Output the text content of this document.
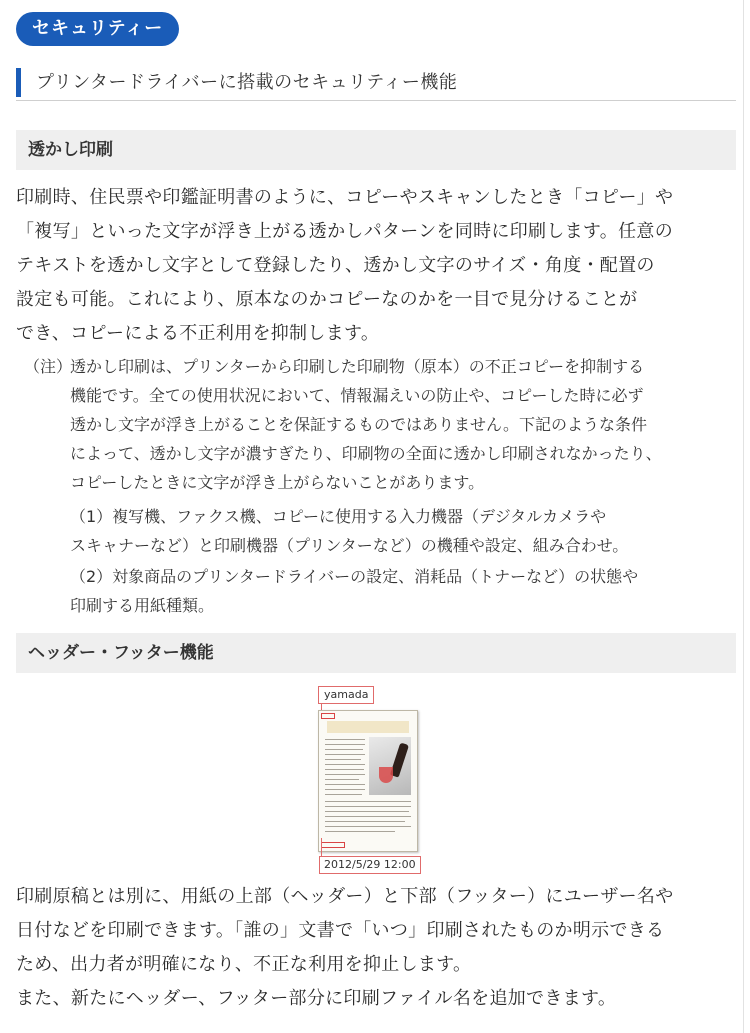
セキュリティー
プリンタードライバーに搭載のセキュリティー機能
透かし印刷
印刷時、住民票や印鑑証明書のように、コピーやスキャンしたとき「コピー」や
「複写」といった文字が浮き上がる透かしパターンを同時に印刷します。任意の
テキストを透かし文字として登録したり、透かし文字のサイズ・角度・配置の
設定も可能。これにより、原本なのかコピーなのかを一目で見分けることが
でき、コピーによる不正利用を抑制します。
（注）
透かし印刷は、プリンターから印刷した印刷物（原本）の不正コピーを抑制する
機能です。全ての使用状況において、情報漏えいの防止や、コピーした時に必ず
透かし文字が浮き上がることを保証するものではありません。下記のような条件
によって、透かし文字が濃すぎたり、印刷物の全面に透かし印刷されなかったり、
コピーしたときに文字が浮き上がらないことがあります。
（1）複写機、ファクス機、コピーに使用する入力機器（デジタルカメラや
スキャナーなど）と印刷機器（プリンターなど）の機種や設定、組み合わせ。
（2）対象商品のプリンタードライバーの設定、消耗品（トナーなど）の状態や
印刷する用紙種類。
ヘッダー・フッター機能
yamada
2012/5/29 12:00
印刷原稿とは別に、用紙の上部（ヘッダー）と下部（フッター）にユーザー名や
日付などを印刷できます。「誰の」文書で「いつ」印刷されたものか明示できる
ため、出力者が明確になり、不正な利用を抑止します。
また、新たにヘッダー、フッター部分に印刷ファイル名を追加できます。
